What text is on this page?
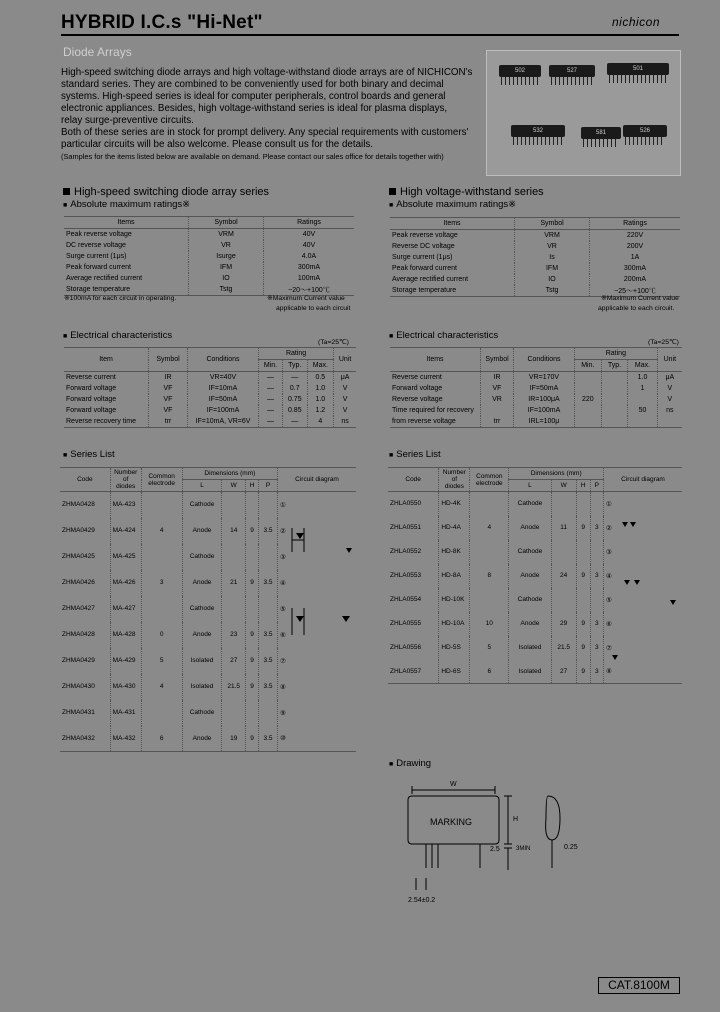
HYBRID I.C.s "Hi-Net"	nichicon
Diode Arrays

High-speed switching diode arrays and high voltage-withstand diode arrays are of NICHICON's

standard series. They are combined to be conveniently used for both binary and decimal

systems. High-speed series is ideal for computer peripherals, control boards and general

electronic appliances. Besides, high voltage-withstand series is ideal for plasma displays,

relay surge-preventive circuits.

Both of these series are in stock for prompt delivery. Any special requirements with customers'

particular circuits will be also welcome. Please consult us for the details.

(Samples for the items listed below are available on demand. Please contact our sales office for details together with)

502	527	501
532	581	526
High-speed switching diode array series
■ Absolute maximum ratings※
Items	Symbol	Ratings
Peak reverse voltage	VRM	40V
DC reverse voltage	VR	40V
Surge current (1μs)	Isurge	4.0A
Peak forward current	IFM	300mA
Average rectified current	IO	100mA
Storage temperature	Tstg	−20〜+100℃
※100mA for each circuit in operating.	※Maximum Current value
applicable to each circuit
■ Electrical characteristics
(Ta=25℃)
Item	Symbol	Conditions	Rating			Unit
			Min.	Typ.	Max.	
Reverse current	IR	VR=40V	—	—	0.5	μA
Forward voltage	VF	IF=10mA	—	0.7	1.0	V
Forward voltage	VF	IF=50mA	—	0.75	1.0	V
Forward voltage	VF	IF=100mA	—	0.85	1.2	V
Reverse recovery time	trr	IF=10mA, VR=6V	—	—	4	ns
■ Series List
Code	Number of diodes	Common electrode	Dimensions (mm)				Circuit diagram
			L	W	H	P	
ZHMA0428	MA-423		Cathode				①
ZHMA0429	MA-424	4	Anode	14	9	3.5	②
ZHMA0425	MA-425		Cathode				③
ZHMA0426	MA-426	3	Anode	21	9	3.5	④
ZHMA0427	MA-427		Cathode				⑤
ZHMA0428	MA-428	0	Anode	23	9	3.5	⑥
ZHMA0429	MA-429	5	Isolated	27	9	3.5	⑦
ZHMA0430	MA-430	4	Isolated	21.5	9	3.5	⑧
ZHMA0431	MA-431		Cathode				⑨
ZHMA0432	MA-432	6	Anode	19	9	3.5	⑩
High voltage-withstand series
■ Absolute maximum ratings※
Items	Symbol	Ratings
Peak reverse voltage	VRM	220V
Reverse DC voltage	VR	200V
Surge current (1μs)	Is	1A
Peak forward current	IFM	300mA
Average rectified current	IO	200mA
Storage temperature	Tstg	−25〜+100℃
※Maximum Current value
applicable to each circuit.
■ Electrical characteristics
(Ta=25℃)
Items	Symbol	Conditions	Rating			Unit
			Min.	Typ.	Max.	
Reverse current	IR	VR=170V			1.0	μA
Forward voltage	VF	IF=50mA			1	V
Reverse voltage	VR	IR=100μA	220			V
Time required for recovery		IF=100mA			50	ns
from reverse voltage	trr	IRL=100μ				
■ Series List
Code	Number of diodes	Common electrode	Dimensions (mm)				Circuit diagram
			L	W	H	P	
ZHLA0550	HD-4K		Cathode				①
ZHLA0551	HD-4A	4	Anode	11	9	3	②
ZHLA0552	HD-8K		Cathode				③
ZHLA0553	HD-8A	8	Anode	24	9	3	④
ZHLA0554	HD-10K		Cathode				⑤
ZHLA0555	HD-10A	10	Anode	29	9	3	⑥
ZHLA0556	HD-5S	5	Isolated	21.5	9	3	⑦
ZHLA0557	HD-6S	6	Isolated	27	9	3	⑧
■ Drawing
W
MARKING	H
2.5	3MIN	0.25
2.54±0.2
CAT.8100M
